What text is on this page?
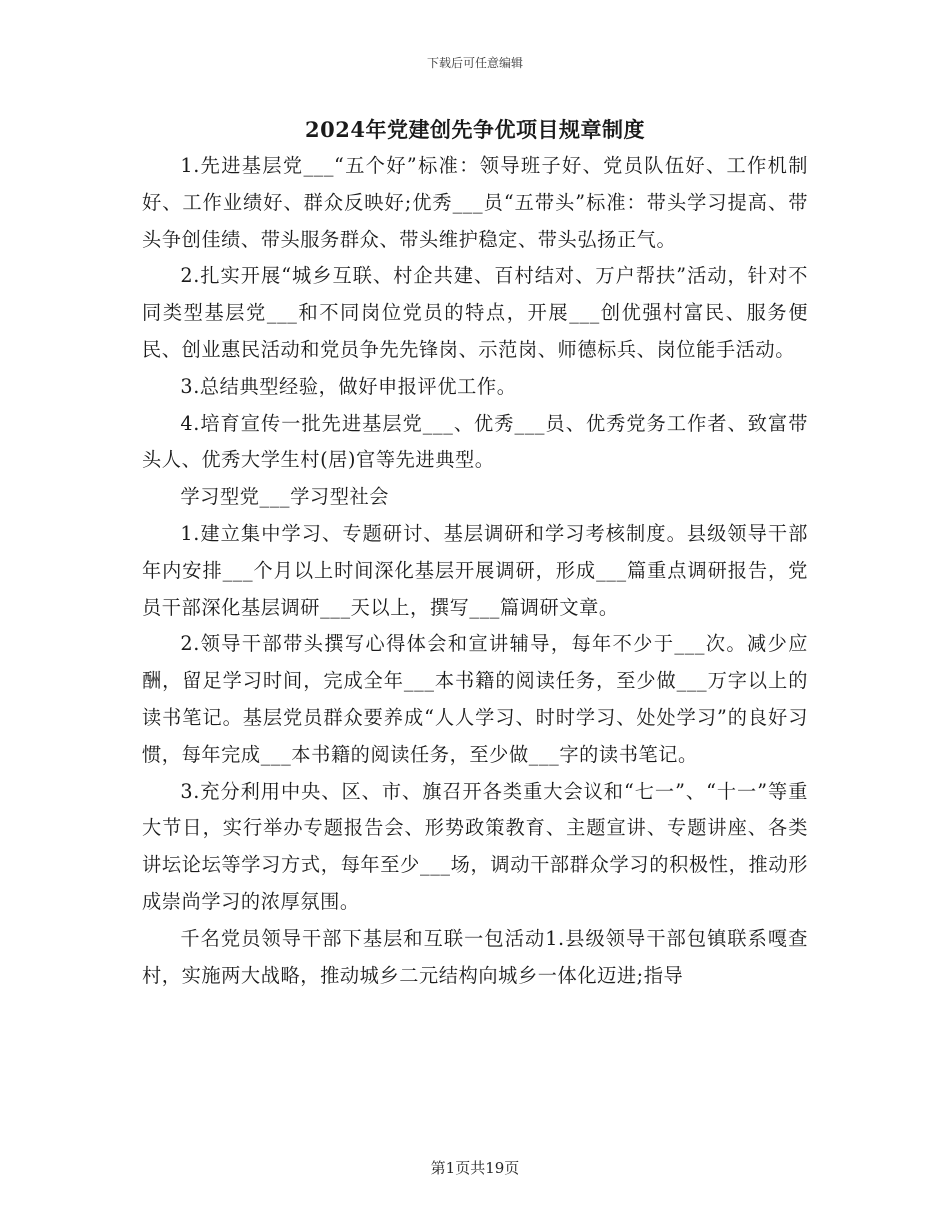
下载后可任意编辑
2024年党建创先争优项目规章制度

1.先进基层党___“五个好”标准：领导班子好、党员队伍好、工作机制好、工作业绩好、群众反映好;优秀___员“五带头”标准：带头学习提高、带头争创佳绩、带头服务群众、带头维护稳定、带头弘扬正气。

2.扎实开展“城乡互联、村企共建、百村结对、万户帮扶”活动，针对不同类型基层党___和不同岗位党员的特点，开展___创优强村富民、服务便民、创业惠民活动和党员争先先锋岗、示范岗、师德标兵、岗位能手活动。

3.总结典型经验，做好申报评优工作。

4.培育宣传一批先进基层党___、优秀___员、优秀党务工作者、致富带头人、优秀大学生村(居)官等先进典型。

学习型党___学习型社会

1.建立集中学习、专题研讨、基层调研和学习考核制度。县级领导干部年内安排___个月以上时间深化基层开展调研，形成___篇重点调研报告，党员干部深化基层调研___天以上，撰写___篇调研文章。

2.领导干部带头撰写心得体会和宣讲辅导，每年不少于___次。减少应酬，留足学习时间，完成全年___本书籍的阅读任务，至少做___万字以上的读书笔记。基层党员群众要养成“人人学习、时时学习、处处学习”的良好习惯，每年完成___本书籍的阅读任务，至少做___字的读书笔记。

3.充分利用中央、区、市、旗召开各类重大会议和“七一”、“十一”等重大节日，实行举办专题报告会、形势政策教育、主题宣讲、专题讲座、各类讲坛论坛等学习方式，每年至少___场，调动干部群众学习的积极性，推动形成崇尚学习的浓厚氛围。

千名党员领导干部下基层和互联一包活动1.县级领导干部包镇联系嘎查村，实施两大战略，推动城乡二元结构向城乡一体化迈进;指导

第1页共19页
